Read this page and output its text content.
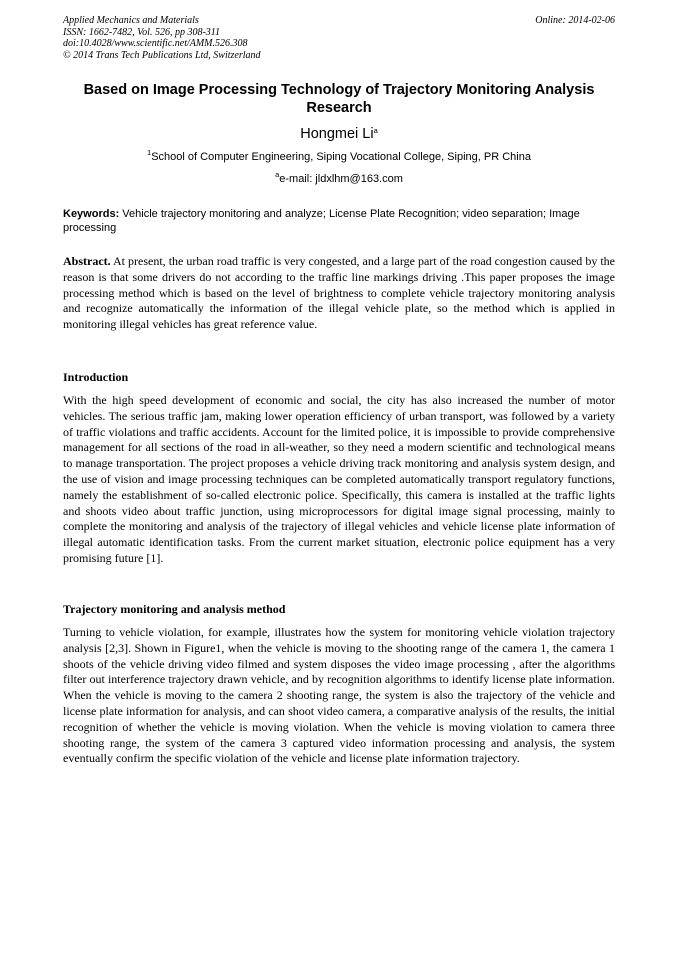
Applied Mechanics and Materials
ISSN: 1662-7482, Vol. 526, pp 308-311
doi:10.4028/www.scientific.net/AMM.526.308
© 2014 Trans Tech Publications Ltd, Switzerland
Online: 2014-02-06
Based on Image Processing Technology of Trajectory Monitoring Analysis Research
Hongmei Li$^a$
$^1$School of Computer Engineering, Siping Vocational College, Siping, PR China
$^a$e-mail: jldxlhm@163.com
Keywords: Vehicle trajectory monitoring and analyze; License Plate Recognition; video separation; Image processing
Abstract. At present, the urban road traffic is very congested, and a large part of the road congestion caused by the reason is that some drivers do not according to the traffic line markings driving .This paper proposes the image processing method which is based on the level of brightness to complete vehicle trajectory monitoring analysis and recognize automatically the information of the illegal vehicle plate, so the method which is applied in monitoring illegal vehicles has great reference value.
Introduction
With the high speed development of economic and social, the city has also increased the number of motor vehicles. The serious traffic jam, making lower operation efficiency of urban transport, was followed by a variety of traffic violations and traffic accidents. Account for the limited police, it is impossible to provide comprehensive management for all sections of the road in all-weather, so they need a modern scientific and technological means to manage transportation. The project proposes a vehicle driving track monitoring and analysis system design, and the use of vision and image processing techniques can be completed automatically transport regulatory functions, namely the establishment of so-called electronic police. Specifically, this camera is installed at the traffic lights and shoots video about traffic junction, using microprocessors for digital image signal processing, mainly to complete the monitoring and analysis of the trajectory of illegal vehicles and vehicle license plate information of illegal automatic identification tasks. From the current market situation, electronic police equipment has a very promising future [1].
Trajectory monitoring and analysis method
Turning to vehicle violation, for example, illustrates how the system for monitoring vehicle violation trajectory analysis [2,3]. Shown in Figure1, when the vehicle is moving to the shooting range of the camera 1, the camera 1 shoots of the vehicle driving video filmed and system disposes the video image processing , after the algorithms filter out interference trajectory drawn vehicle, and by recognition algorithms to identify license plate information. When the vehicle is moving to the camera 2 shooting range, the system is also the trajectory of the vehicle and license plate information for analysis, and can shoot video camera, a comparative analysis of the results, the initial recognition of whether the vehicle is moving violation. When the vehicle is moving violation to camera three shooting range, the system of the camera 3 captured video information processing and analysis, the system eventually confirm the specific violation of the vehicle and license plate information trajectory.
